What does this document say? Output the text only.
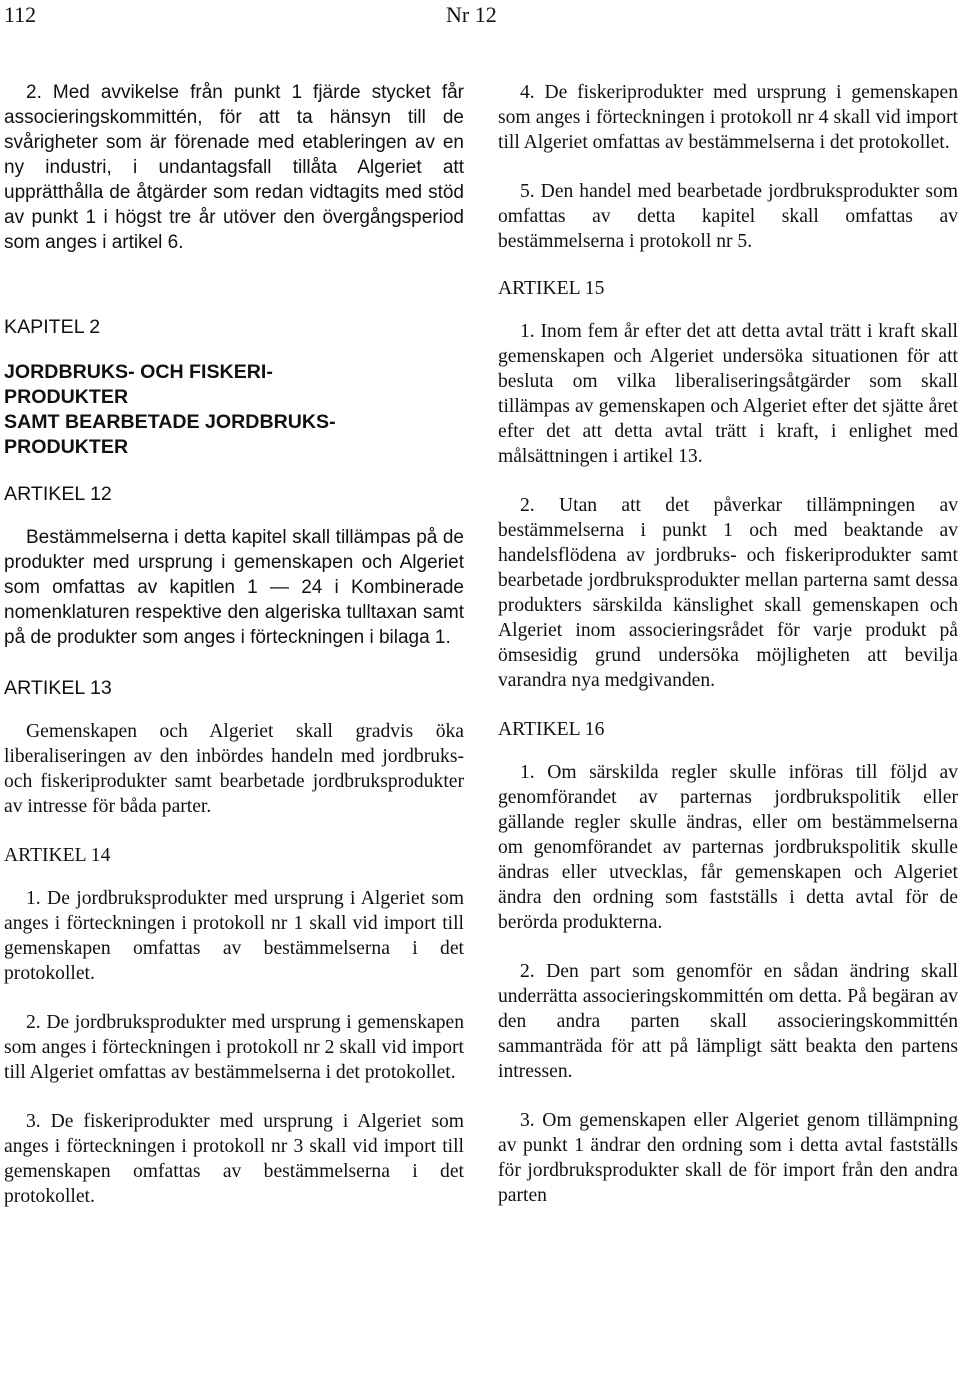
112	Nr 12

2. Med avvikelse från punkt 1 fjärde stycket får associeringskommittén, för att ta hänsyn till de svårigheter som är förenade med etableringen av en ny industri, i undantagsfall tillåta Algeriet att upprätthålla de åtgärder som redan vidtagits med stöd av punkt 1 i högst tre år utöver den övergångsperiod som anges i artikel 6.

KAPITEL 2

JORDBRUKS- OCH FISKERI-

PRODUKTER

SAMT BEARBETADE JORDBRUKS-

PRODUKTER

ARTIKEL 12

Bestämmelserna i detta kapitel skall tillämpas på de produkter med ursprung i gemenskapen och Algeriet som omfattas av kapitlen 1 — 24 i Kombinerade nomenklaturen respektive den algeriska tulltaxan samt på de produkter som anges i förteckningen i bilaga 1.

ARTIKEL 13

Gemenskapen och Algeriet skall gradvis öka liberaliseringen av den inbördes handeln med jordbruks- och fiskeriprodukter samt bearbetade jordbruksprodukter av intresse för båda parter.

ARTIKEL 14

1. De jordbruksprodukter med ursprung i Algeriet som anges i förteckningen i protokoll nr 1 skall vid import till gemenskapen omfattas av bestämmelserna i det protokollet.

2. De jordbruksprodukter med ursprung i gemenskapen som anges i förteckningen i protokoll nr 2 skall vid import till Algeriet omfattas av bestämmelserna i det protokollet.

3. De fiskeriprodukter med ursprung i Algeriet som anges i förteckningen i protokoll nr 3 skall vid import till gemenskapen omfattas av bestämmelserna i det protokollet.

4. De fiskeriprodukter med ursprung i gemenskapen som anges i förteckningen i protokoll nr 4 skall vid import till Algeriet omfattas av bestämmelserna i det protokollet.

5. Den handel med bearbetade jordbruksprodukter som omfattas av detta kapitel skall omfattas av bestämmelserna i protokoll nr 5.

ARTIKEL 15

1. Inom fem år efter det att detta avtal trätt i kraft skall gemenskapen och Algeriet undersöka situationen för att besluta om vilka liberaliseringsåtgärder som skall tillämpas av gemenskapen och Algeriet efter det sjätte året efter det att detta avtal trätt i kraft, i enlighet med målsättningen i artikel 13.

2. Utan att det påverkar tillämpningen av bestämmelserna i punkt 1 och med beaktande av handelsflödena av jordbruks- och fiskeriprodukter samt bearbetade jordbruksprodukter mellan parterna samt dessa produkters särskilda känslighet skall gemenskapen och Algeriet inom associeringsrådet för varje produkt på ömsesidig grund undersöka möjligheten att bevilja varandra nya medgivanden.

ARTIKEL 16

1. Om särskilda regler skulle införas till följd av genomförandet av parternas jordbrukspolitik eller gällande regler skulle ändras, eller om bestämmelserna om genomförandet av parternas jordbrukspolitik skulle ändras eller utvecklas, får gemenskapen och Algeriet ändra den ordning som fastställs i detta avtal för de berörda produkterna.

2. Den part som genomför en sådan ändring skall underrätta associeringskommittén om detta. På begäran av den andra parten skall associeringskommittén sammanträda för att på lämpligt sätt beakta den partens intressen.

3. Om gemenskapen eller Algeriet genom tillämpning av punkt 1 ändrar den ordning som i detta avtal fastställs för jordbruksprodukter skall de för import från den andra parten
